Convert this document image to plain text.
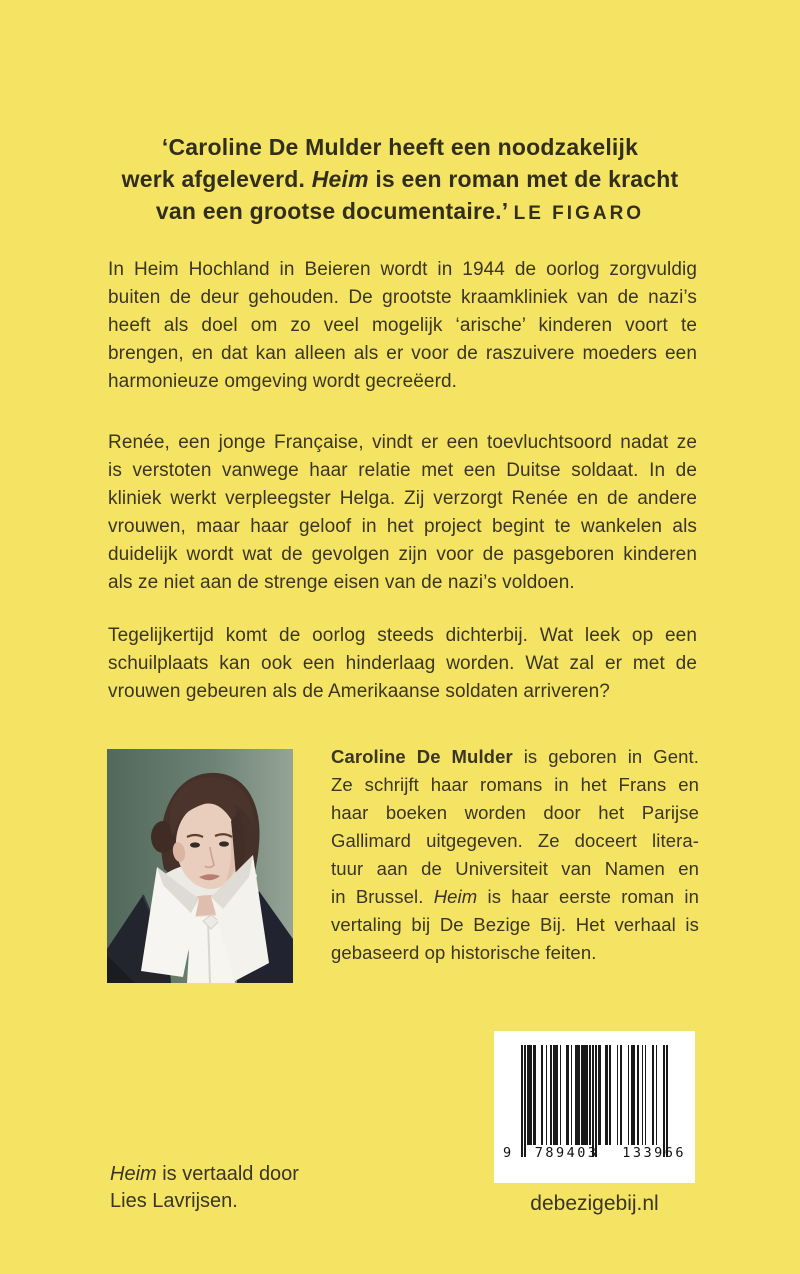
‘Caroline De Mulder heeft een noodzakelijk
werk afgeleverd. Heim is een roman met de kracht
van een grootse documentaire.’ LE FIGARO
In Heim Hochland in Beieren wordt in 1944 de oorlog zorgvuldig
buiten de deur gehouden. De grootste kraamkliniek van de nazi’s
heeft als doel om zo veel mogelijk ‘arische’ kinderen voort te
brengen, en dat kan alleen als er voor de raszuivere moeders een
harmonieuze omgeving wordt gecreëerd.
Renée, een jonge Française, vindt er een toevluchtsoord nadat ze
is verstoten vanwege haar relatie met een Duitse soldaat. In de
kliniek werkt verpleegster Helga. Zij verzorgt Renée en de andere
vrouwen, maar haar geloof in het project begint te wankelen als
duidelijk wordt wat de gevolgen zijn voor de pasgeboren kinderen
als ze niet aan de strenge eisen van de nazi’s voldoen.
Tegelijkertijd komt de oorlog steeds dichterbij. Wat leek op een
schuilplaats kan ook een hinderlaag worden. Wat zal er met de
vrouwen gebeuren als de Amerikaanse soldaten arriveren?
Caroline De Mulder is geboren in Gent.
Ze schrijft haar romans in het Frans en
haar boeken worden door het Parijse
Gallimard uitgegeven. Ze doceert litera-
tuur aan de Universiteit van Namen en
in Brussel. Heim is haar eerste roman in
vertaling bij De Bezige Bij. Het verhaal is
gebaseerd op historische feiten.
Heim is vertaald door
Lies Lavrijsen.
9 789403 133966
debezigebij.nl
